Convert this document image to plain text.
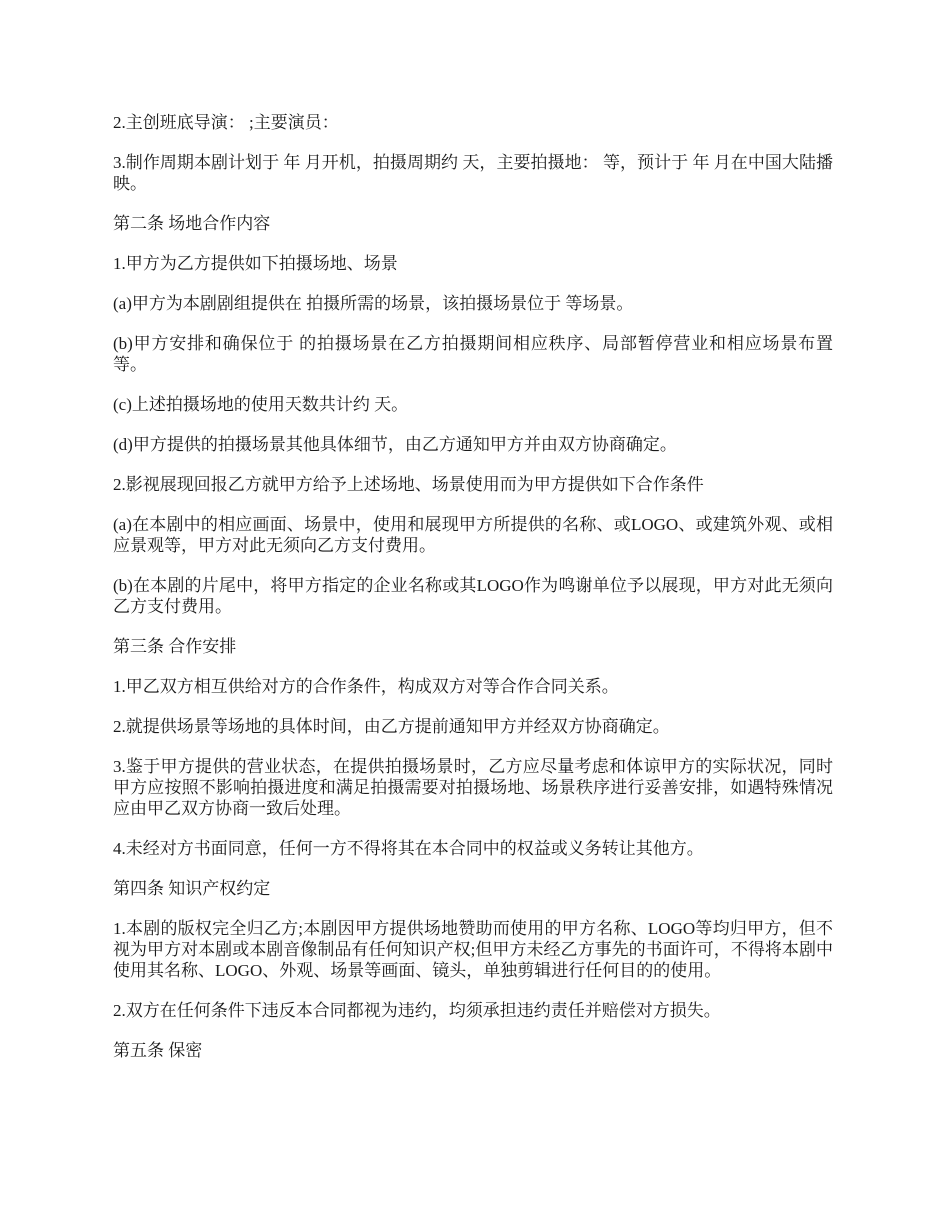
2.主创班底导演： ;主要演员：

3.制作周期本剧计划于 年 月开机，拍摄周期约 天，主要拍摄地： 等，预计于 年 月在中国大陆播映。

第二条 场地合作内容

1.甲方为乙方提供如下拍摄场地、场景

(a)甲方为本剧剧组提供在 拍摄所需的场景，该拍摄场景位于 等场景。

(b)甲方安排和确保位于 的拍摄场景在乙方拍摄期间相应秩序、局部暂停营业和相应场景布置等。

(c)上述拍摄场地的使用天数共计约 天。

(d)甲方提供的拍摄场景其他具体细节，由乙方通知甲方并由双方协商确定。

2.影视展现回报乙方就甲方给予上述场地、场景使用而为甲方提供如下合作条件

(a)在本剧中的相应画面、场景中，使用和展现甲方所提供的名称、或LOGO、或建筑外观、或相应景观等，甲方对此无须向乙方支付费用。

(b)在本剧的片尾中，将甲方指定的企业名称或其LOGO作为鸣谢单位予以展现，甲方对此无须向乙方支付费用。

第三条 合作安排

1.甲乙双方相互供给对方的合作条件，构成双方对等合作合同关系。

2.就提供场景等场地的具体时间，由乙方提前通知甲方并经双方协商确定。

3.鉴于甲方提供的营业状态，在提供拍摄场景时，乙方应尽量考虑和体谅甲方的实际状况，同时甲方应按照不影响拍摄进度和满足拍摄需要对拍摄场地、场景秩序进行妥善安排，如遇特殊情况应由甲乙双方协商一致后处理。

4.未经对方书面同意，任何一方不得将其在本合同中的权益或义务转让其他方。

第四条 知识产权约定

1.本剧的版权完全归乙方;本剧因甲方提供场地赞助而使用的甲方名称、LOGO等均归甲方，但不视为甲方对本剧或本剧音像制品有任何知识产权;但甲方未经乙方事先的书面许可，不得将本剧中使用其名称、LOGO、外观、场景等画面、镜头，单独剪辑进行任何目的的使用。

2.双方在任何条件下违反本合同都视为违约，均须承担违约责任并赔偿对方损失。

第五条 保密
